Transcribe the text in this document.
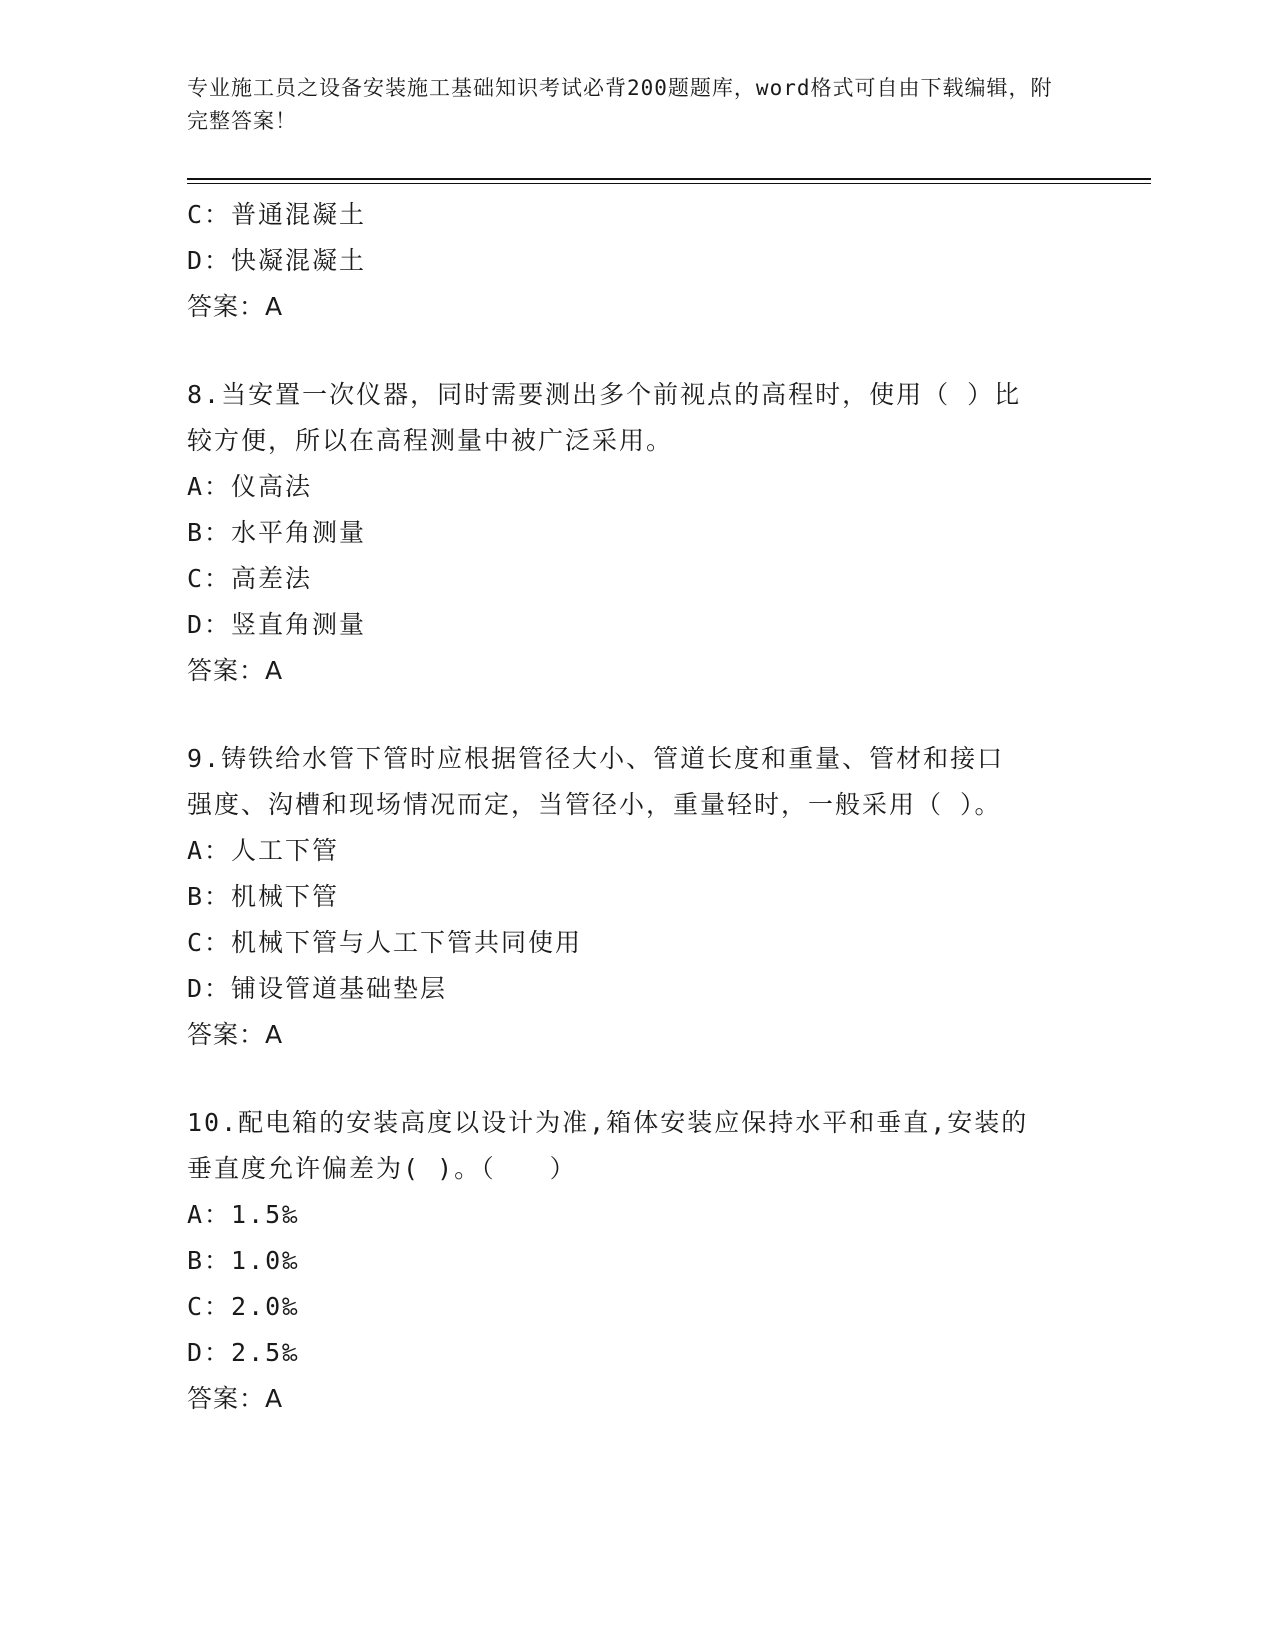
专业施工员之设备安装施工基础知识考试必背200题题库，word格式可自由下载编辑，附完整答案！
C：普通混凝土
D：快凝混凝土
答案：A
8.当安置一次仪器，同时需要测出多个前视点的高程时，使用（ ）比
较方便，所以在高程测量中被广泛采用。
A：仪高法
B：水平角测量
C：高差法
D：竖直角测量
答案：A
9.铸铁给水管下管时应根据管径大小、管道长度和重量、管材和接口
强度、沟槽和现场情况而定，当管径小，重量轻时，一般采用（ ）。
A：人工下管
B：机械下管
C：机械下管与人工下管共同使用
D：铺设管道基础垫层
答案：A
10.配电箱的安装高度以设计为准,箱体安装应保持水平和垂直,安装的
垂直度允许偏差为( )。（　　）
A：1.5‰
B：1.0‰
C：2.0‰
D：2.5‰
答案：A
